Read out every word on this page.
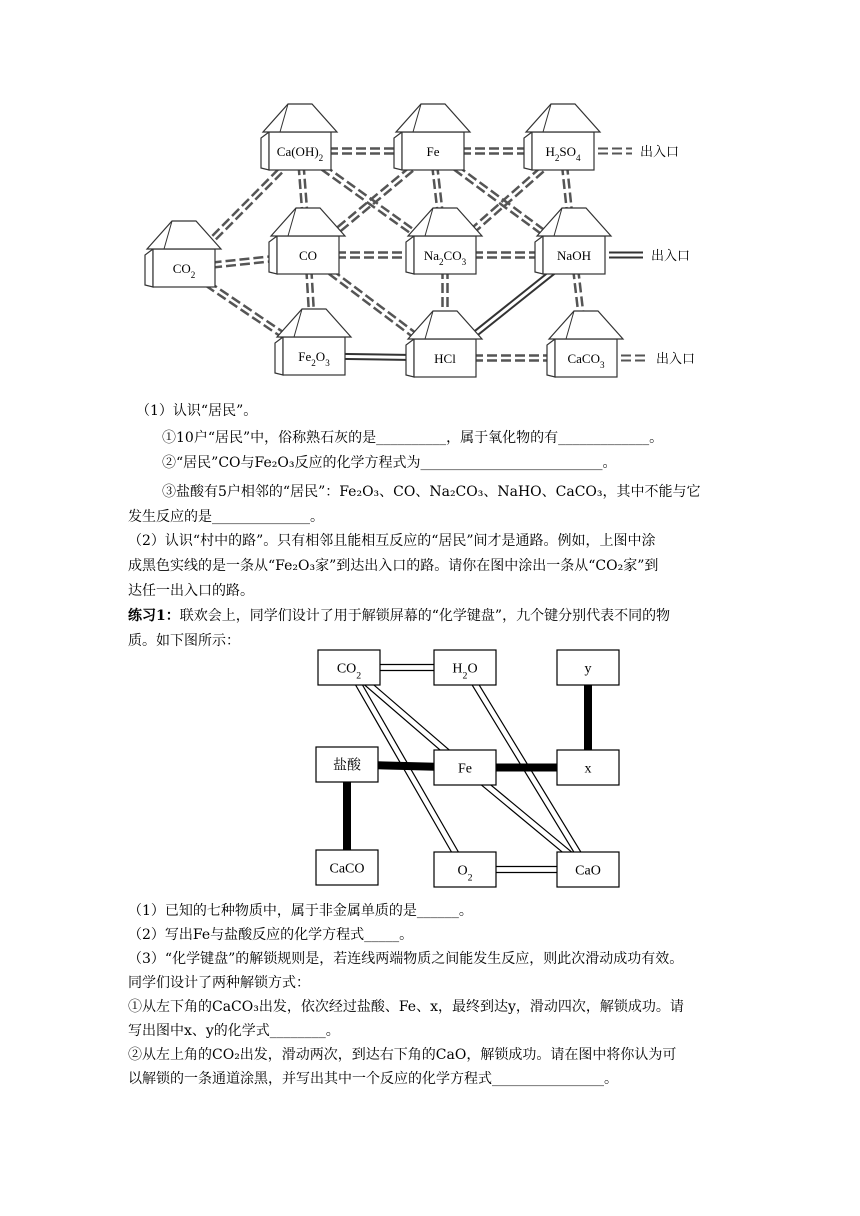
$Ca(OH)_2$	Fe	$H_2SO_4$
$CO_2$
CO	$Na_2CO_3$	NaOH
$Fe_2O_3$	HCl	CaCO$_3$
出入口
出入口
出入口
（1）认识“居民”。
①10户“居民”中，俗称熟石灰的是__________，属于氧化物的有_____________。
②“居民”CO与Fe₂O₃反应的化学方程式为__________________________。
③盐酸有5户相邻的“居民”：Fe₂O₃、CO、Na₂CO₃、NaHO、CaCO₃，其中不能与它
发生反应的是______________。
（2）认识“村中的路”。只有相邻且能相互反应的“居民”间才是通路。例如，上图中涂
成黑色实线的是一条从“Fe₂O₃家”到达出入口的路。请你在图中涂出一条从“CO₂家”到
达任一出入口的路。
练习1：联欢会上，同学们设计了用于解锁屏幕的“化学键盘”，九个键分别代表不同的物
质。如下图所示：
$CO_2$	$H_2O$	y
盐酸	Fe	x
CaCO	$O_2$	CaO
（1）已知的七种物质中，属于非金属单质的是______。
（2）写出Fe与盐酸反应的化学方程式_____。
（3）“化学键盘”的解锁规则是，若连线两端物质之间能发生反应，则此次滑动成功有效。
同学们设计了两种解锁方式：
①从左下角的CaCO₃出发，依次经过盐酸、Fe、x，最终到达y，滑动四次，解锁成功。请
写出图中x、y的化学式________。
②从左上角的CO₂出发，滑动两次，到达右下角的CaO，解锁成功。请在图中将你认为可
以解锁的一条通道涂黑，并写出其中一个反应的化学方程式________________。
